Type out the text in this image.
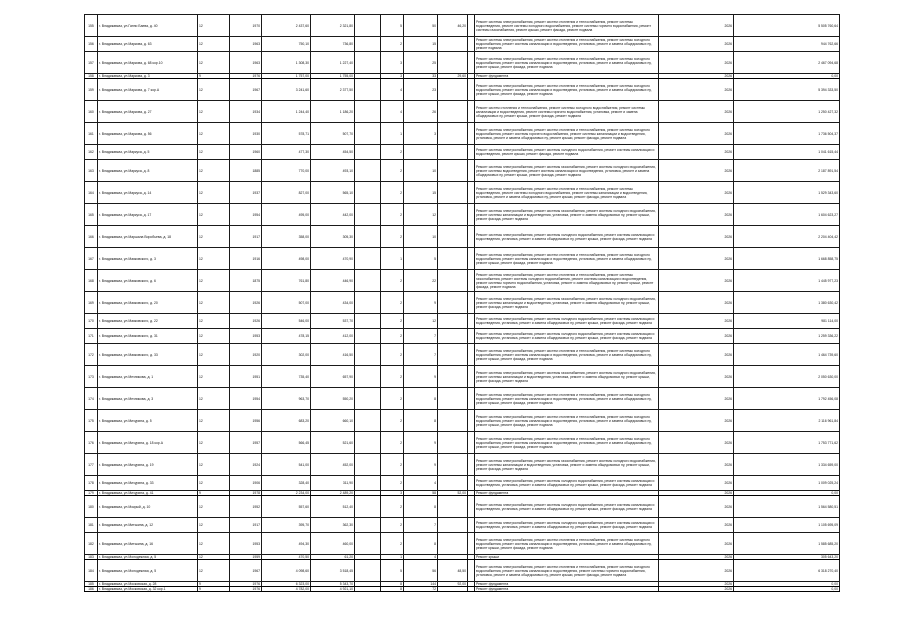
155	г. Владикавказ, ул.Гаппо Баева, д. 40	12	1970	2 437,60	2 321,80		5	50	46,20		Ремонт системы электроснабжения, ремонт систем отопления и теплоснабжения, ремонт системы водоотведения, ремонт системы холодного водоснабжения, ремонт системы горячего водоснабжения, ремонт системы газоснабжения, ремонт крыши, ремонт фасада, ремонт подвала	2026	5 505 760,64
156	г. Владикавказ, ул.Маркова, д. 63	12	1963	750,10	736,80		2	15			Ремонт системы электроснабжения, ремонт систем отопления и теплоснабжения, ремонт системы холодного водоснабжения, ремонт системы канализации и водоотведения, установка, ремонт и замена общедомовых пу, ремонт подвала	2026	944 762,66
157	г. Владикавказ, ул.Маркова, д. 68 кор.10	12	1963	1 308,30	1 227,40		3	25			Ремонт системы электроснабжения, ремонт систем отопления и теплоснабжения, ремонт системы холодного водоснабжения, ремонт системы канализации и водоотведения, установка, ремонт и замена общедомовых пу, ремонт крыши, ремонт фасада, ремонт подвала	2026	2 467 094,68
158	г. Владикавказ, ул.Маркова, д. 3	9	1976	1 757,00	1 755,00		3	33	29,60		Ремонт фундамента	2026	0,00
159	г. Владикавказ, ул.Маркова, д. 7 кор.А	12	1967	3 241,60	2 377,50		4	23			Ремонт системы электроснабжения, ремонт систем отопления и теплоснабжения, ремонт системы холодного водоснабжения, ремонт системы канализации и водоотведения, установка, ремонт и замена общедомовых пу, ремонт крыши, ремонт фасада, ремонт подвала	2026	5 394 333,50
160	г. Владикавказ, ул.Маркова, д. 27	12	1934	1 244,40	1 186,20		4	26			Ремонт систем отопления и теплоснабжения, ремонт системы холодного водоснабжения, ремонт системы канализации и водоотведения, ремонт системы горячего водоснабжения, установка, ремонт и замена общедомовых пу, ремонт крыши, ремонт фасада, ремонт подвала	2026	1 250 427,32
161	г. Владикавказ, ул.Маркова, д. 56	12	1930	578,71	507,70		1	3			Ремонт системы электроснабжения, ремонт систем отопления и теплоснабжения, ремонт системы холодного водоснабжения, ремонт системы горячего водоснабжения, ремонт системы канализации и водоотведения, установка, ремонт и замена общедомовых пу, ремонт крыши, ремонт фасада, ремонт подвала	2026	1 736 504,37
162	г. Владикавказ, ул.Маркуса, д. 5	12	1960	477,30	454,50		2				Ремонт системы электроснабжения, ремонт системы холодного водоснабжения, ремонт системы канализации и водоотведения, ремонт крыши, ремонт фасада, ремонт подвала	2026	1 041 615,44
163	г. Владикавказ, ул.Маркуса, д. 8	12	1885	770,00	493,10		2	10			Ремонт системы электроснабжения, ремонт системы газоснабжения, ремонт системы холодного водоснабжения, ремонт системы водоотведения, ремонт системы канализации и водоотведения, установка, ремонт и замена общедомовых пу, ремонт крыши, ремонт фасада, ремонт подвала	2026	2 187 891,54
164	г. Владикавказ, ул.Маркуса, д. 14	12	1937	827,00	565,10		2	15			Ремонт системы электроснабжения, ремонт систем отопления и теплоснабжения, ремонт системы водоотведения, ремонт системы холодного водоснабжения, ремонт системы канализации и водоотведения, установка, ремонт и замена общедомовых пу, ремонт крыши, ремонт фасада, ремонт подвала	2026	1 529 343,60
165	г. Владикавказ, ул.Маркуса, д. 17	12	1954	495,00	442,00		2	12			Ремонт системы электроснабжения, ремонт системы газоснабжения, ремонт системы холодного водоснабжения, ремонт системы канализации и водоотведения, установка, ремонт и замена общедомовых пу, ремонт крыши, ремонт фасада, ремонт подвала	2026	1 604 623,27
166	г. Владикавказ, ул.Маршала Воробьева, д. 18	12	1917	358,00	305,30		2	10			Ремонт системы электроснабжения, ремонт системы холодного водоснабжения, ремонт системы канализации и водоотведения, установка, ремонт и замена общедомовых пу, ремонт крыши, ремонт фасада, ремонт подвала	2026	2 204 404,42
167	г. Владикавказ, ул.Маяковского, д. 3	12	1916	498,00	470,90		1	5			Ремонт системы электроснабжения, ремонт систем отопления и теплоснабжения, ремонт системы холодного водоснабжения, ремонт системы канализации и водоотведения, установка, ремонт и замена общедомовых пу, ремонт крыши, ремонт фасада, ремонт подвала	2026	1 668 858,75
168	г. Владикавказ, ул.Маяковского, д. 6	12	1875	761,80	446,90		2	22			Ремонт системы электроснабжения, ремонт систем отопления и теплоснабжения, ремонт системы газоснабжения, ремонт системы холодного водоснабжения, ремонт системы канализации и водоотведения, ремонт системы горячего водоснабжения, установка, ремонт и замена общедомовых пу, ремонт крыши, ремонт фасада, ремонт подвала	2026	1 445 977,23
169	г. Владикавказ, ул.Маяковского, д. 20	12	1926	507,00	434,00		2	9			Ремонт системы электроснабжения, ремонт системы газоснабжения, ремонт системы холодного водоснабжения, ремонт системы канализации и водоотведения, установка, ремонт и замена общедомовых пу, ремонт крыши, ремонт фасада, ремонт подвала	2026	1 380 630,42
170	г. Владикавказ, ул.Маяковского, д. 22	12	1926	546,00	537,70		2	12			Ремонт системы электроснабжения, ремонт системы холодного водоснабжения, ремонт системы канализации и водоотведения, установка, ремонт и замена общедомовых пу, ремонт крыши, ремонт фасада, ремонт подвала	2026	981 114,00
171	г. Владикавказ, ул.Маяковского, д. 31	12	1953	478,15	412,00		2	7			Ремонт системы электроснабжения, ремонт системы холодного водоснабжения, ремонт системы канализации и водоотведения, установка, ремонт и замена общедомовых пу, ремонт крыши, ремонт фасада, ремонт подвала	2026	1 259 336,22
172	г. Владикавказ, ул.Маяковского, д. 33	12	1920	302,00	416,50		2	7			Ремонт системы электроснабжения, ремонт систем отопления и теплоснабжения, ремонт системы холодного водоснабжения, ремонт системы канализации и водоотведения, установка, ремонт и замена общедомовых пу, ремонт крыши, ремонт фасада, ремонт подвала	2026	1 464 739,60
173	г. Владикавказ, ул.Мечникова, д. 1	12	1951	735,40	657,90		2	9			Ремонт системы электроснабжения, ремонт системы газоснабжения, ремонт системы холодного водоснабжения, ремонт системы канализации и водоотведения, установка, ремонт и замена общедомовых пу, ремонт крыши, ремонт фасада, ремонт подвала	2026	2 050 630,00
174	г. Владикавказ, ул.Мечникова, д. 3	12	1954	963,70	550,20		2	8			Ремонт системы электроснабжения, ремонт систем отопления и теплоснабжения, ремонт системы холодного водоснабжения, ремонт системы канализации и водоотведения, установка, ремонт и замена общедомовых пу, ремонт крыши, ремонт фасада, ремонт подвала	2026	1 792 456,08
175	г. Владикавказ, ул.Мичурина, д. 5	12	1956	683,20	660,10		2	8			Ремонт системы электроснабжения, ремонт систем отопления и теплоснабжения, ремонт системы холодного водоснабжения, ремонт системы канализации и водоотведения, установка, ремонт и замена общедомовых пу, ремонт крыши, ремонт фасада, ремонт подвала	2026	2 116 961,84
176	г. Владикавказ, ул.Мичурина, д. 18 кор.А	12	1957	566,45	521,60		2	9			Ремонт системы электроснабжения, ремонт систем отопления и теплоснабжения, ремонт системы холодного водоснабжения, ремонт системы канализации и водоотведения, установка, ремонт и замена общедомовых пу, ремонт крыши, ремонт фасада, ремонт подвала	2026	1 753 771,62
177	г. Владикавказ, ул.Мичурина, д. 19	12	1924	541,00	452,00		2	9			Ремонт системы электроснабжения, ремонт системы газоснабжения, ремонт системы холодного водоснабжения, ремонт системы канализации и водоотведения, установка, ремонт и замена общедомовых пу, ремонт крыши, ремонт фасада, ремонт подвала	2026	1 334 659,00
178	г. Владикавказ, ул.Мичурина, д. 33	12	1906	328,40	311,90		2	4			Ремонт системы электроснабжения, ремонт системы холодного водоснабжения, ремонт системы канализации и водоотведения, установка, ремонт и замена общедомовых пу, ремонт крыши, ремонт фасада, ремонт подвала	2026	1 009 025,24
179	г. Владикавказ, ул.Мичурина, д. 41	9	1978	2 234,00	2 489,20		3	58	52,00		Ремонт фундамента	2026	0,00
180	г. Владикавказ, ул.Мокрый, д. 10	12	1952	557,60	512,40		2	8			Ремонт системы электроснабжения, ремонт системы холодного водоснабжения, ремонт системы канализации и водоотведения, установка, ремонт и замена общедомовых пу, ремонт крыши, ремонт фасада, ремонт подвала	2026	1 564 580,51
181	г. Владикавказ, ул.Митькина, д. 12	12	1917	395,70	362,30		2	7			Ремонт системы электроснабжения, ремонт системы холодного водоснабжения, ремонт системы канализации и водоотведения, установка, ремонт и замена общедомовых пу, ремонт крыши, ремонт фасада, ремонт подвала	2026	1 105 695,09
182	г. Владикавказ, ул.Митькина, д. 16	12	1953	494,30	460,00		2	8			Ремонт системы электроснабжения, ремонт систем отопления и теплоснабжения, ремонт системы холодного водоснабжения, ремонт системы канализации и водоотведения, установка, ремонт и замена общедомовых пу, ремонт крыши, ремонт фасада, ремонт подвала	2026	1 585 685,20
183	г. Владикавказ, ул.Молодежная, д. 5	12	1959	470,50	61,20		1	4			Ремонт крыши	2026	305 643,20
184	г. Владикавказ, ул.Молодежная, д. 5	12	1967	4 098,60	3 518,45		5	56	48,50		Ремонт системы электроснабжения, ремонт систем отопления и теплоснабжения, ремонт системы холодного водоснабжения, ремонт системы канализации и водоотведения, ремонт системы горячего водоснабжения, установка, ремонт и замена общедомовых пу, ремонт крыши, ремонт фасада, ремонт подвала	2026	6 318 270,40
185	г. Владикавказ, ул.Московская, д. 28	9	1976	6 323,00	5 343,70		8	144	92,00		Ремонт фундамента	2026	0,00
186	г. Владикавказ, ул.Московская, д. 32 кор.1	9	1976	4 782,00	4 921,10		8	72			Ремонт фундамента	2026	0,00
